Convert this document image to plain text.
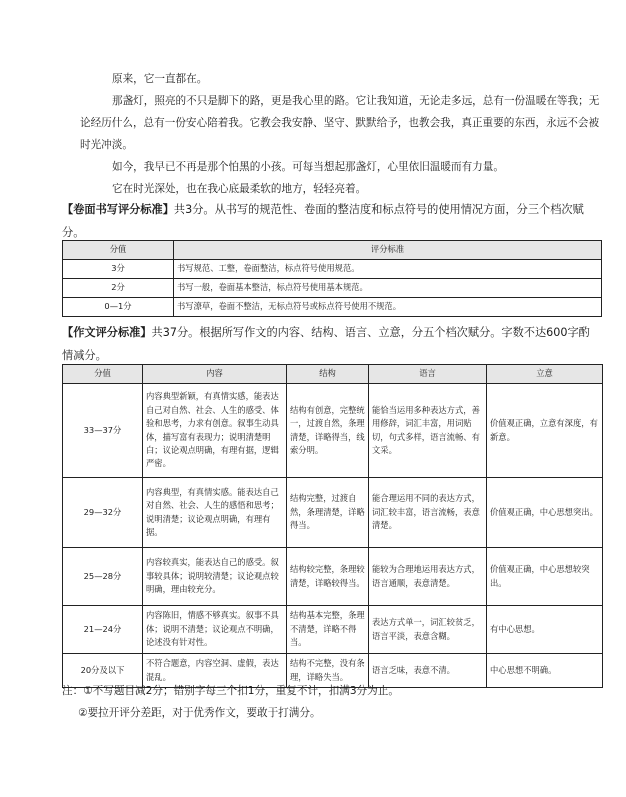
原来，它一直都在。

那盏灯，照亮的不只是脚下的路，更是我心里的路。它让我知道，无论走多远，总有一份温暖在等我；无论经历什么，总有一份安心陪着我。它教会我安静、坚守、默默给予，也教会我，真正重要的东西，永远不会被时光冲淡。

如今，我早已不再是那个怕黑的小孩。可每当想起那盏灯，心里依旧温暖而有力量。

它在时光深处，也在我心底最柔软的地方，轻轻亮着。

【卷面书写评分标准】共3分。从书写的规范性、卷面的整洁度和标点符号的使用情况方面，分三个档次赋分。

分值	评分标准
3分	书写规范、工整，卷面整洁，标点符号使用规范。
2分	书写一般，卷面基本整洁，标点符号使用基本规范。
0—1分	书写潦草，卷面不整洁，无标点符号或标点符号使用不规范。

【作文评分标准】共37分。根据所写作文的内容、结构、语言、立意，分五个档次赋分。字数不达600字酌情减分。

分值	内容	结构	语言	立意
33—37分	内容典型新颖，有真情实感，能表达自己对自然、社会、人生的感受、体验和思考，力求有创意。叙事生动具体，描写富有表现力；说明清楚明白；议论观点明确，有理有据，逻辑严密。	结构有创意，完整统一，过渡自然，条理清楚，详略得当，线索分明。	能恰当运用多种表达方式，善用修辞，词汇丰富，用词贴切，句式多样，语言流畅、有文采。	价值观正确，立意有深度，有新意。
29—32分	内容典型，有真情实感。能表达自己对自然、社会、人生的感悟和思考；说明清楚；议论观点明确，有理有据。	结构完整，过渡自然，条理清楚，详略得当。	能合理运用不同的表达方式，词汇较丰富，语言流畅，表意清楚。	价值观正确，中心思想突出。
25—28分	内容较真实，能表达自己的感受。叙事较具体；说明较清楚；议论观点较明确，理由较充分。	结构较完整，条理较清楚，详略较得当。	能较为合理地运用表达方式，语言通顺，表意清楚。	价值观正确，中心思想较突出。
21—24分	内容陈旧，情感不够真实。叙事不具体；说明不清楚；议论观点不明确，论述没有针对性。	结构基本完整，条理不清楚，详略不得当。	表达方式单一，词汇较贫乏，语言平淡，表意含糊。	有中心思想。
20分及以下	不符合题意，内容空洞、虚假，表达混乱。	结构不完整，没有条理，详略失当。	语言乏味，表意不清。	中心思想不明确。

注：①不写题目减2分；错别字每三个扣1分，重复不计，扣满3分为止。

②要拉开评分差距，对于优秀作文，要敢于打满分。
